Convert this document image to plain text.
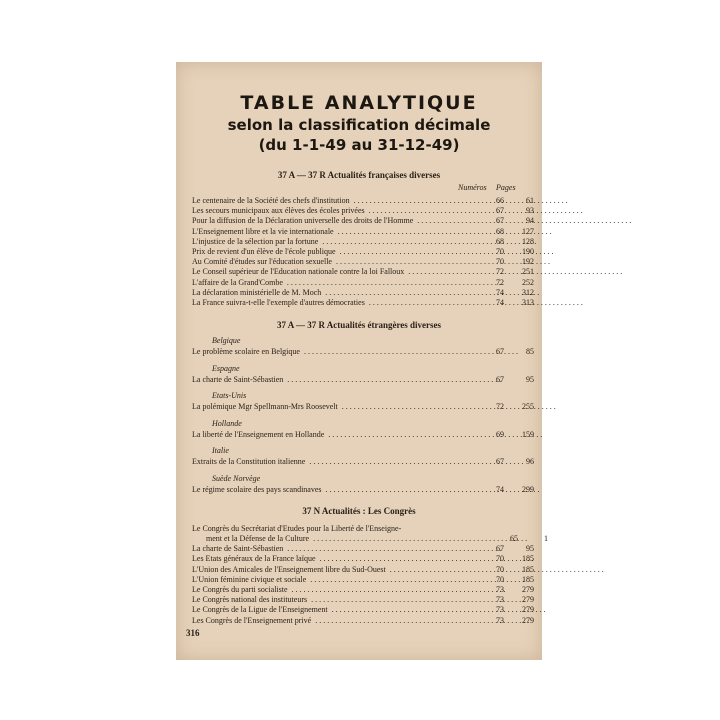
TABLE ANALYTIQUE
selon la classification décimale
(du 1-1-49 au 31-12-49)
37 A — 37 R Actualités françaises diverses
Numéros Pages
Le centenaire de la Société des chefs d'institution . . .	66	61
Les secours municipaux aux élèves des écoles privées . . .	67	93
Pour la diffusion de la Déclaration universelle des droits de l'Homme . . .	67	94
L'Enseignement libre et la vie internationale . . .	68	127
L'injustice de la sélection par la fortune . . .	68	128
Prix de revient d'un élève de l'école publique . . .	70	190
Au Comité d'études sur l'éducation sexuelle . . .	70	192
Le Conseil supérieur de l'Education nationale contre la loi Falloux . . .	72	251
L'affaire de la Grand'Combe . . .	72	252
La déclaration ministérielle de M. Moch . . .	74	312
La France suivra-t-elle l'exemple d'autres démocraties . . .	74	313
37 A — 37 R Actualités étrangères diverses
Belgique
Le problème scolaire en Belgique . . .	67	85
Espagne
La charte de Saint-Sébastien . . .	67	95
Etats-Unis
La polémique Mgr Spellmann-Mrs Roosevelt . . .	72	255
Hollande
La liberté de l'Enseignement en Hollande . . .	69	159
Italie
Extraits de la Constitution italienne . . .	67	96
Suède Norvège
Le régime scolaire des pays scandinaves . . .	74	299
37 N Actualités : Les Congrès
Le Congrès du Secrétariat d'Etudes pour la Liberté de l'Enseigne-
ment et la Défense de la Culture . . .	65	1
La charte de Saint-Sébastien . . .	67	95
Les Etats généraux de la France laïque . . .	70	185
L'Union des Amicales de l'Enseignement libre du Sud-Ouest . . .	70	185
L'Union féminine civique et sociale . . .	70	185
Le Congrès du parti socialiste . . .	73	279
Le Congrès national des instituteurs . . .	73	279
Le Congrès de la Ligue de l'Enseignement . . .	73	279
Les Congrès de l'Enseignement privé . . .	73	279
316
